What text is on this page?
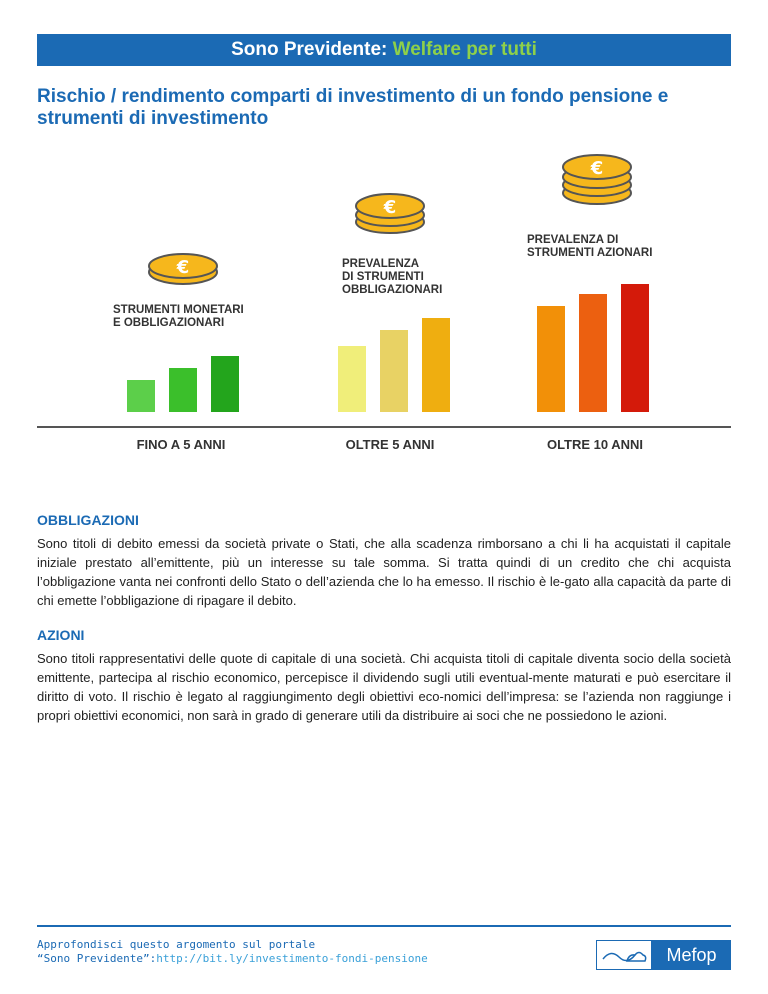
Sono Previdente: Welfare per tutti
Rischio / rendimento comparti di investimento di un fondo pensione e strumenti di investimento
€
STRUMENTI MONETARI
E OBBLIGAZIONARI
FINO A 5 ANNI
€
PREVALENZA
DI STRUMENTI
OBBLIGAZIONARI
OLTRE 5 ANNI
€
PREVALENZA DI
STRUMENTI AZIONARI
OLTRE 10 ANNI
OBBLIGAZIONI

Sono titoli di debito emessi da società private o Stati, che alla scadenza rimborsano a chi li ha acquistati il capitale iniziale prestato all’emittente, più un interesse su tale somma. Si tratta quindi di un credito che chi acquista l’obbligazione vanta nei confronti dello Stato o dell’azienda che lo ha emesso. Il rischio è le-gato alla capacità da parte di chi emette l’obbligazione di ripagare il debito.

AZIONI

Sono titoli rappresentativi delle quote di capitale di una società. Chi acquista titoli di capitale diventa socio della società emittente, partecipa al rischio economico, percepisce il dividendo sugli utili eventual-mente maturati e può esercitare il diritto di voto. Il rischio è legato al raggiungimento degli obiettivi eco-nomici dell’impresa: se l’azienda non raggiunge i propri obiettivi economici, non sarà in grado di generare utili da distribuire ai soci che ne possiedono le azioni.

Approfondisci questo argomento sul portale
“Sono Previdente”:http://bit.ly/investimento-fondi-pensione	Mefop
